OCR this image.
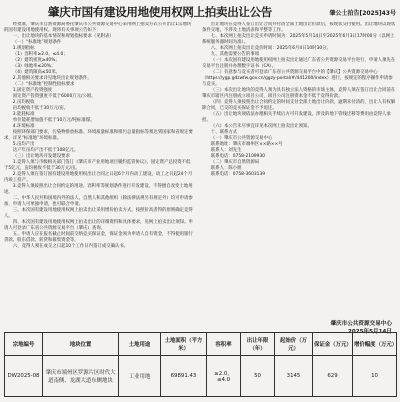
肇庆市国有建设用地使用权网上拍卖出让公告	肇公土拍告[2025]43号

经批准，肇庆市自然资源局委托肇庆市公共资源交易中心采用网上拍卖方式公开出让1宗地块的国有建设用地使用权。现将有关事项公告如下：

一、出让地块的基本情况和规划指标要求（见附表）

（一）“标准地”规划条件

1.规划指标

（1）容积率≥2.0，≤4.0；

（2）建筑密度≥40%；

（3）绿地率≤20%；

（4）建筑限高≤50米。

2.其他相关要求详见地块出让规划条件。

（二）“标准地”控制性指标要求

1.固定资产投资强度

固定资产投资强度不低于6000万元/公顷。

2.亩均税收

亩均税收不低于30万元/亩。

3.能耗标准

单位能耗增加值不低于10万元/吨标准煤。

4.环境标准

按照环保部门要求，污染物排放标准、环境质量标准和排污总量指标等须达到国家和省规定要求，详见“标准地”环境标准。

5.亩均产出

达产年亩均产出不低于108亿元。

（三）出让地块开发建设要求

1.竞得人须与市级相关部门签订《肇庆市产业用地项目履约监管协议》，固定资产总投资不低于5亿元，亩均税收不低于30万元/亩。

2.竞得人须在签订国有建设用地使用权出让合同之日起6个月内动工建设，动工之日起24个月内竣工投产。

3.竞得人须按照出让合同约定的用途、容积率等规划条件进行开发建设，不得擅自改变土地用途。

二、中华人民共和国境内外的法人、自然人和其他组织（除法律法规另有规定外）均可申请参加，申请人可单独申请，也可联合申请。

三、本次国有建设用地使用权网上拍卖出让采用增价拍卖方式，按照价高者得的原则确定竞得人。

四、本次国有建设用地使用权网上拍卖出让的详细资料和具体要求，见网上拍卖出让须知。申请人可登录广东省公共资源交易平台（肇庆）查询。

五、申请人应在报名截止时间前交纳竞买保证金，保证金须为申请人自有资金，不得使用银行贷款、股东借款、转贷和募集资金等。

六、竞得人须在成交之日起10个工作日内签订成交确认书。

出让地块在竞得人签订出让合同并付清全部土地出让价款后，按现状交付使用。出让地块以现状条件交地，不涉及土地清表和平整等工作。

七、本次网上拍卖出让竞买申请时间为：2025年5月14日至2025年6月3日17时00分（以网上系统服务器时间为准）。

八、本次网上拍卖出让竞价时间：2025年6月4日10时30分。

九、其他需要公告的事项

（一）本次国有建设用地使用权网上拍卖出让通过广东省公共资源交易平台进行，申请人须先在交易平台注册并办理数字证书（CA）。

（二）有意参与竞买者可登录广东省公共资源交易平台中的【肇庆】公共资源交易中心（https://ygp.gdzwfw.gov.cn/ggzy-portal/#/441200/index）进行，按规定的程序操作申请参与竞买。

（三）本次出让地块的竞得人须为具有独立法人资格的市场主体，竞得人须在签订出让合同前在肇庆市辖区内注册成立项目公司，项目公司注册资本金不低于竞得价款。

（四）竞得人须按照出让合同约定的时间支付全部土地出让价款，逾期未付清的，出让人有权解除合同，已交的竞买保证金不予退还。

（五）出让地块须依法办理相关手续后方可开发建设，涉及的地下管线迁移等费用由竞得人承担。

（六）本公告未尽事宜详见本次网上拍卖出让须知。

十、联系方式

（一）肇庆市公共资源交易中心

联系地址：肇庆市端州区××路××号

联系人：刘先生

联系电话：0758-2109930

（二）肇庆市自然资源局

联系人：陈小姐

联系电话：0758-3603139

肇庆市公共资源交易中心
2025年5月14日
宗地编号	地块位置	土地用途	土地面积（平方米）	容积率	出让年限（年）	起始价（万元）	保证金（万元）	增价幅度（万元）
DW2025-08	肇庆市端州区罗源片区时代大道南侧、龙湖大道东侧地块	工业用地	69891.43	≥2.0，≤4.0	50	3145	629	10
